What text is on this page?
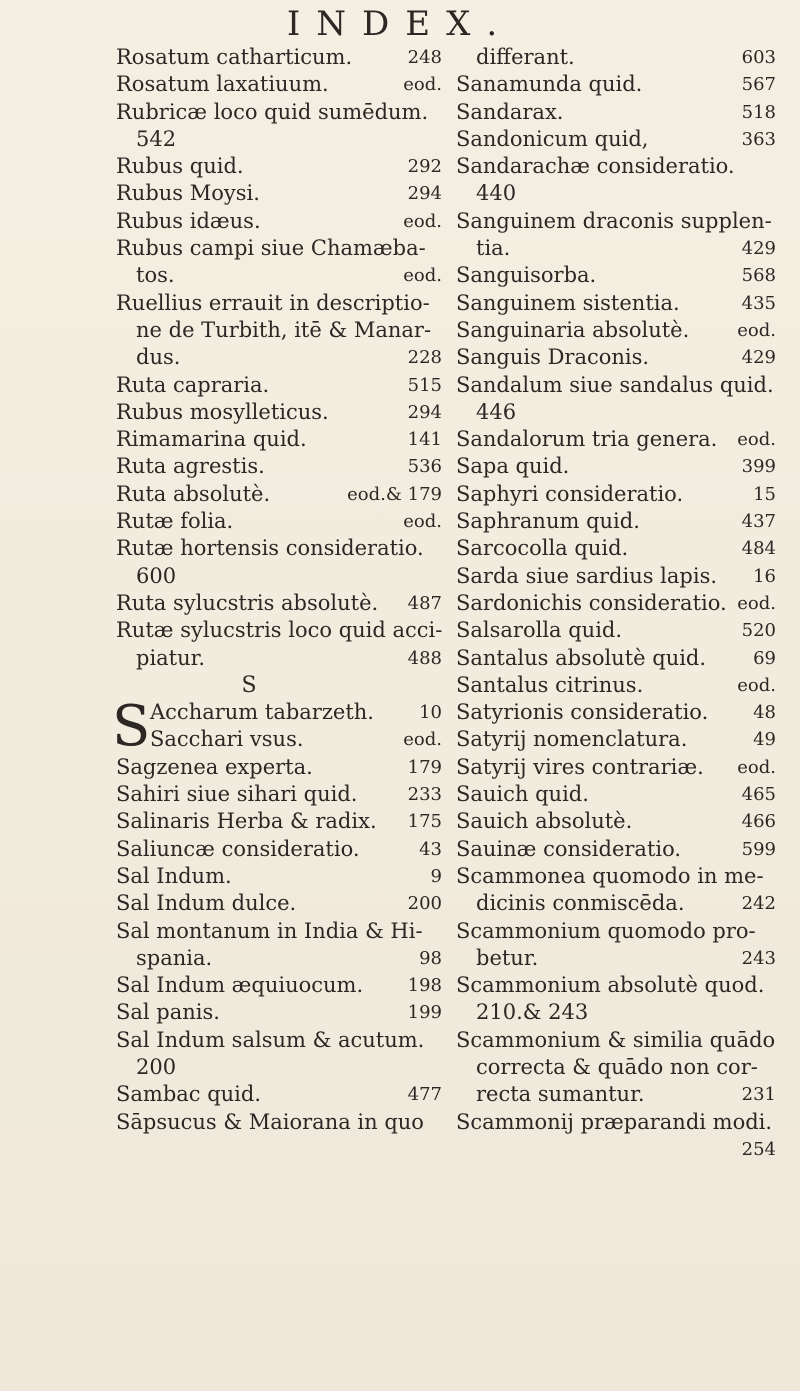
INDEX.
Rosatum catharticum.	248
Rosatum laxatiuum.	eod.
Rubricæ loco quid sumēdum.
542
Rubus quid.	292
Rubus Moysi.	294
Rubus idæus.	eod.
Rubus campi siue Chamæba-
tos.	eod.
Ruellius errauit in descriptio-
ne de Turbith, itē & Manar-
dus.	228
Ruta capraria.	515
Rubus mosylleticus.	294
Rimamarina quid.	141
Ruta agrestis.	536
Ruta absolutè.	eod.& 179
Rutæ folia.	eod.
Rutæ hortensis consideratio.
600
Ruta sylucstris absolutè. 487
Rutæ sylucstris loco quid acci-
piatur.	488
S
S Accharum tabarzeth.	10
Sacchari vsus.	eod.
Sagzenea experta.	179
Sahiri siue sihari quid.	233
Salinaris Herba & radix. 175
Saliuncæ consideratio.	43
Sal Indum.	9
Sal Indum dulce.	200
Sal montanum in India & Hi-
spania.	98
Sal Indum æquiuocum. 198
Sal panis.	199
Sal Indum salsum & acutum.
200
Sambac quid.	477
Sāpsucus & Maiorana in quo
differant.	603
Sanamunda quid.	567
Sandarax.	518
Sandonicum quid,	363
Sandarachæ consideratio.
440
Sanguinem draconis supplen-
tia.	429
Sanguisorba.	568
Sanguinem sistentia.	435
Sanguinaria absolutè.	eod.
Sanguis Draconis.	429
Sandalum siue sandalus quid.
446
Sandalorum tria genera. eod.
Sapa quid.	399
Saphyri consideratio.	15
Saphranum quid.	437
Sarcocolla quid.	484
Sarda siue sardius lapis. 16
Sardonichis consideratio. eod.
Salsarolla quid.	520
Santalus absolutè quid.	69
Santalus citrinus.	eod.
Satyrionis consideratio. 48
Satyrij nomenclatura.	49
Satyrij vires contrariæ. eod.
Sauich quid.	465
Sauich absolutè.	466
Sauinæ consideratio.	599
Scammonea quomodo in me-
dicinis conmiscēda.	242
Scammonium quomodo pro-
betur.	243
Scammonium absolutè quod.
210.& 243
Scammonium & similia quādo
correcta & quādo non cor-
recta sumantur.	231
Scammonij præparandi modi.
254
